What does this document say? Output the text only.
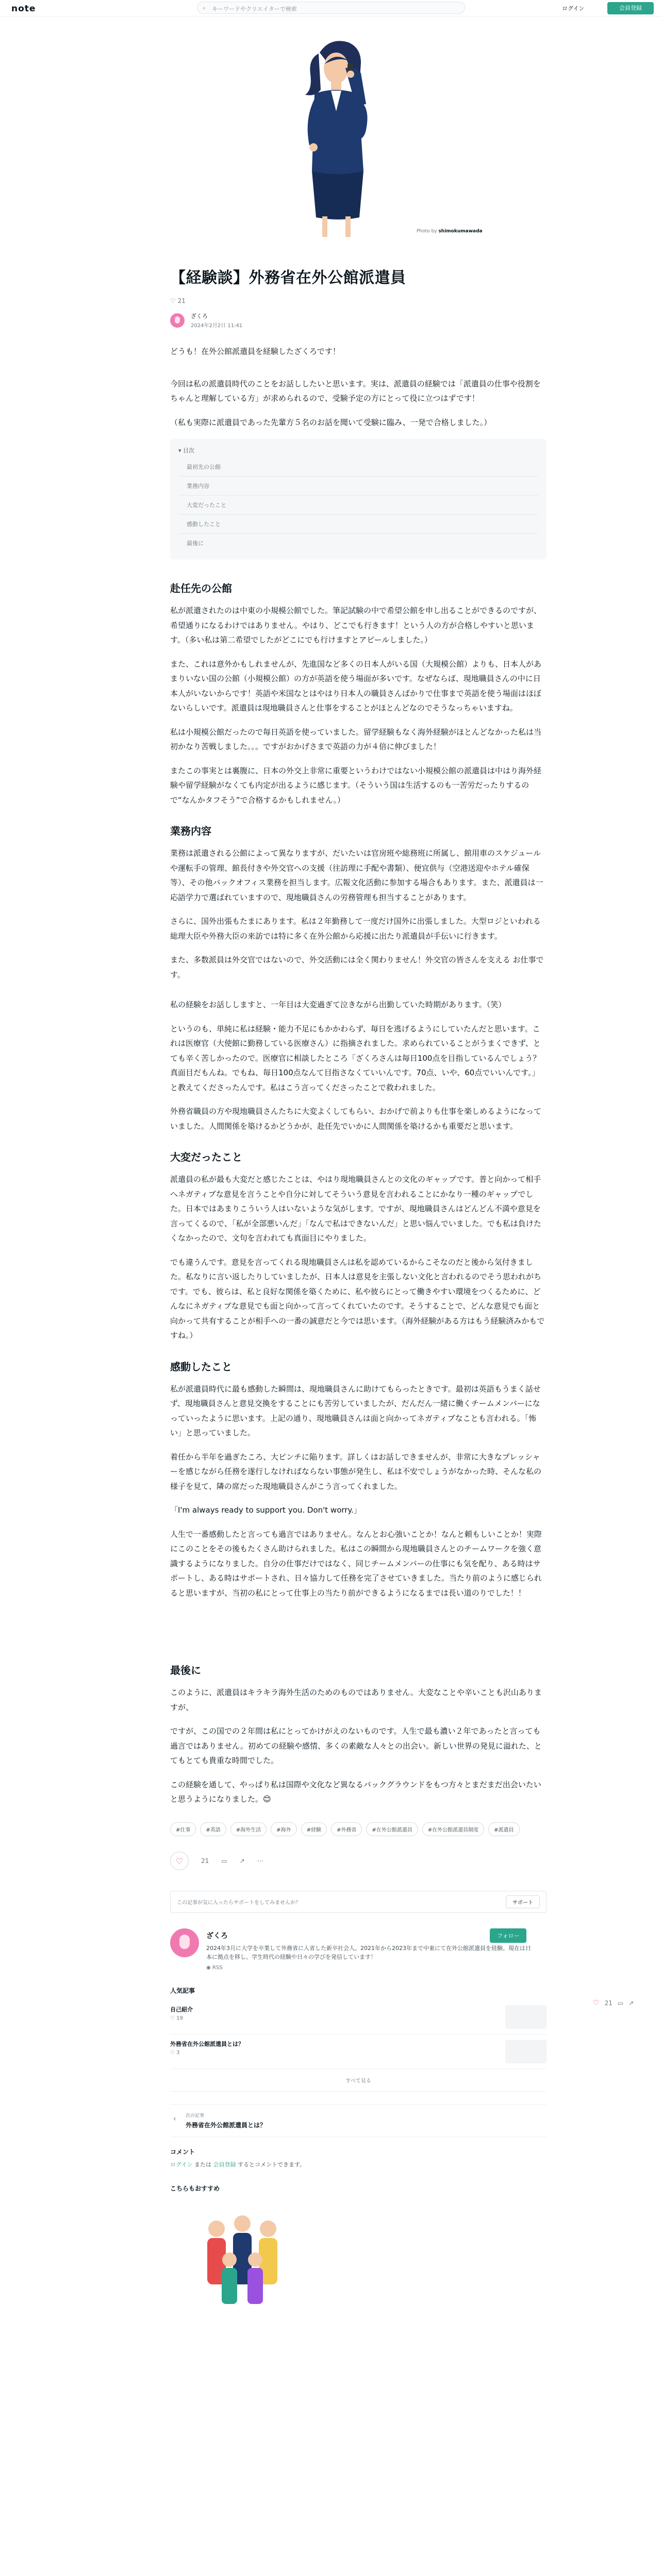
note	⌕ キーワードやクリエイターで検索	ログイン	会員登録
Photo by shimokumawada
【経験談】外務省在外公館派遣員
♡ 21
ざくろ
2024年2月2日 11:41

どうも！在外公館派遣員を経験したざくろです！

今回は私の派遣員時代のことをお話ししたいと思います。実は、派遣員の経験では「派遣員の仕事や役割をちゃんと理解している方」が求められるので、受験予定の方にとって役に立つはずです！

（私も実際に派遣員であった先輩方５名のお話を聞いて受験に臨み、一発で合格しました。）

▾ 目次
最初先の公館
業務内容
大変だったこと
感動したこと
最後に
赴任先の公館

私が派遣されたのは中東の小規模公館でした。筆記試験の中で希望公館を申し出ることができるのですが、希望通りになるわけではありません。やはり、どこでも行きます！という人の方が合格しやすいと思います。（多い私は第二希望でしたがどこにでも行けますとアピールしました。）

また、これは意外かもしれませんが、先進国など多くの日本人がいる国（大規模公館）よりも、日本人があまりいない国の公館（小規模公館）の方が英語を使う場面が多いです。なぜならば、現地職員さんの中に日本人がいないからです！英語や米国なとはやはり日本人の職員さんばかりで仕事まで英語を使う場面はほぼないらしいです。派遣員は現地職員さんと仕事をすることがほとんどなのでそうなっちゃいますね。

私は小規模公館だったので毎日英語を使っていました。留学経験もなく海外経験がほとんどなかった私は当初かなり苦戦しました。。。ですがおかげさまで英語の力が４倍に伸びました！

またこの事実とは裏腹に、日本の外交上非常に重要というわけではない小規模公館の派遣員は中はり海外経験や留学経験がなくても内定が出るように感じます。（そういう国は生活するのも一苦労だったりするので“なんかタフそう”で合格するかもしれません。）

業務内容

業務は派遣される公館によって異なりますが、だいたいは官房班や総務班に所属し、館用車のスケジュールや運転手の管理、館長付きや外交官への支援（往訪理に手配や書類）、便宜供与（空港送迎やホテル確保等）、その他バックオフィス業務を担当します。広報文化活動に参加する場合もあります。また、派遣員は一応語学力で選ばれていますので、現地職員さんの労務管理も担当することがあります。

さらに、国外出張もたまにあります。私は２年勤務して一度だけ国外に出張しました。大型ロジといわれる総理大臣や外務大臣の来訪では特に多く在外公館から応援に出たり派遣員が手伝いに行きます。

また、多数派員は外交官ではないので、外交活動には全く関わりません！外交官の皆さんを支える お仕事です。

私の経験をお話ししますと、一年目は大変過ぎて泣きながら出勤していた時期があります。（笑）

というのも、単純に私は経験・能力不足にもかかわらず、毎日を逃げるようにしていたんだと思います。これは医療官（大使館に勤務している医療さん）に指摘されました。求められていることがうまくできず、とても辛く苦しかったので。医療官に相談したところ「ざくろさんは毎日100点を目指しているんでしょう？真面目だもんね。でもね、毎日100点なんて目指さなくていいんです。70点、いや、60点でいいんです。」と教えてくださったんです。私はこう言ってくださったことで救われました。

外務省職員の方や現地職員さんたちに大変よくしてもらい、おかげで前よりも仕事を楽しめるようになっていました。人間関係を築けるかどうかが、赴任先でいかに人間関係を築けるかも重要だと思います。

大変だったこと

派遣員の私が最も大変だと感じたことは、やはり現地職員さんとの文化のギャップです。普と向かって相手へネガティブな意見を言うことや自分に対してそういう意見を言われることにかなり一種のギャップでした。日本ではあまりこういう人はいないような気がします。ですが、現地職員さんはどんどん不満や意見を言ってくるので、「私が全部悪いんだ」「なんで私はできないんだ」と思い悩んでいました。でも私は負けたくなかったので、文句を言われても真面目にやりました。

でも違うんです。意見を言ってくれる現地職員さんは私を認めているからこそなのだと後から気付きました。私なりに言い返したりしていましたが、日本人は意見を主張しない文化と言われるのでそう思われがちです。でも、彼らは、私と良好な関係を築くために、私や彼らにとって働きやすい環境をつくるために、どんなにネガティブな意見でも面と向かって言ってくれていたのです。そうすることで、どんな意見でも面と向かって共有することが相手への一番の誠意だと今では思います。（海外経験がある方はもう経験済みかもですね。）

感動したこと

私が派遣員時代に最も感動した瞬間は、現地職員さんに助けてもらったときです。最初は英語もうまく話せず、現地職員さんと意見交換をすることにも苦労していましたが、だんだん一緒に働くチームメンバーになっていったように思います。上記の通り、現地職員さんは面と向かってネガティブなことも言われる。「怖い」と思っていました。

着任から半年を過ぎたころ、大ピンチに陥ります。詳しくはお話しできませんが、非常に大きなプレッシャーを感じながら任務を遂行しなければならない事態が発生し、私は不安でしょうがなかった時、そんな私の様子を見て、隣の席だった現地職員さんがこう言ってくれました。

「I'm always ready to support you. Don't worry.」

人生で一番感動したと言っても過言ではありません。なんとお心強いことか！なんと頼もしいことか！実際にこのことをその後もたくさん助けられました。私はこの瞬間から現地職員さんとのチームワークを強く意識するようになりました。自分の仕事だけではなく、同じチームメンバーの仕事にも気を配り、ある時はサポートし、ある時はサポートされ、日々協力して任務を完了させていきました。当たり前のように感じられると思いますが、当初の私にとって仕事上の当たり前ができるようになるまでは長い道のりでした！！

最後に

このように、派遣員はキラキラ海外生活のためのものではありません。大変なことや辛いことも沢山ありますが、

ですが、この国での２年間は私にとってかけがえのないものです。人生で最も濃い２年であったと言っても過言ではありません。初めての経験や感情、多くの素敵な人々との出会い。新しい世界の発見に溢れた、とてもとても貴重な時間でした。

この経験を通して、やっぱり私は国際や文化など異なるバックグラウンドをもつ方々とまだまだ出会いたいと思うようになりました。😊

#仕事	#英語	#海外生活	#海外	#経験	#外務省	#在外公館派遣員	#在外公館派遣員制度	#派遣員
♡	21 ▭ ↗ ⋯
この記事が気に入ったらサポートをしてみませんか？	サポート
ざくろ	フォロー
2024年3月に大学を卒業して外務省に入省した新卒社会人。2021年から2023年まで中東にて在外公館派遣員を経験。現在は日本に拠点を移し、学生時代の経験や日々の学びを発信しています！
◉ RSS
人気記事
自己紹介
♡ 19
外務省在外公館派遣員とは？
♡ 3
すべて見る
‹ 次の記事
外務省在外公館派遣員とは？
コメント
ログイン または 会員登録 するとコメントできます。
こちらもおすすめ
♡ 21 ▭ ↗
